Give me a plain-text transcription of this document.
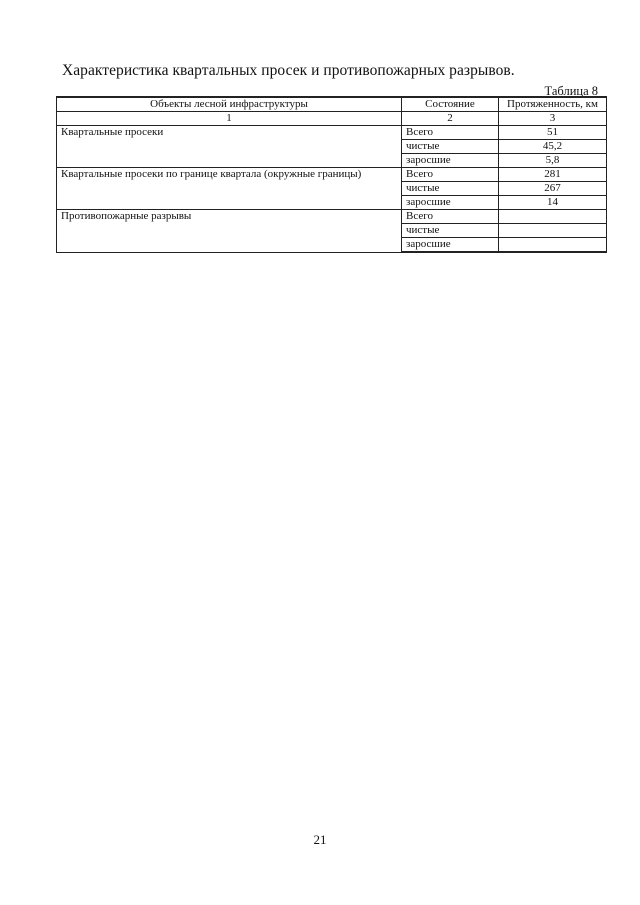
Характеристика квартальных просек и противопожарных разрывов.
Таблица 8
Объекты лесной инфраструктуры	Состояние	Протяженность, км
1	2	3
Квартальные просеки	Всего	51
	чистые	45,2
	заросшие	5,8
Квартальные просеки по границе квартала (окружные границы)	Всего	281
	чистые	267
	заросшие	14
Противопожарные разрывы	Всего	
	чистые	
	заросшие	
21
